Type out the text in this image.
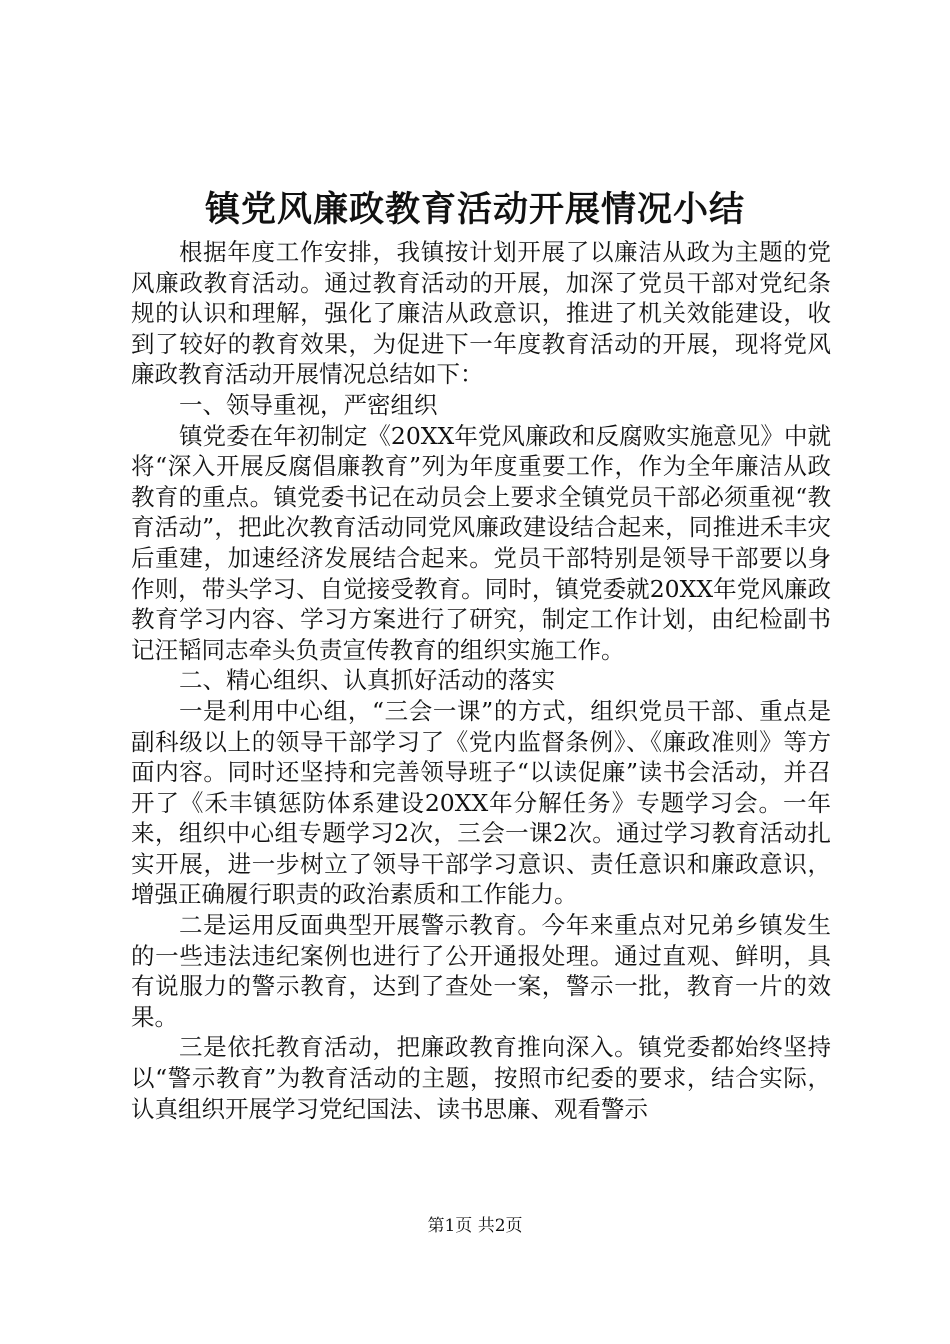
镇党风廉政教育活动开展情况小结

根据年度工作安排，我镇按计划开展了以廉洁从政为主题的党风廉政教育活动。通过教育活动的开展，加深了党员干部对党纪条规的认识和理解，强化了廉洁从政意识，推进了机关效能建设，收到了较好的教育效果，为促进下一年度教育活动的开展，现将党风廉政教育活动开展情况总结如下：

一、领导重视，严密组织

镇党委在年初制定《20XX年党风廉政和反腐败实施意见》中就将“深入开展反腐倡廉教育”列为年度重要工作，作为全年廉洁从政教育的重点。镇党委书记在动员会上要求全镇党员干部必须重视“教育活动”，把此次教育活动同党风廉政建设结合起来，同推进禾丰灾后重建，加速经济发展结合起来。党员干部特别是领导干部要以身作则，带头学习、自觉接受教育。同时，镇党委就20XX年党风廉政教育学习内容、学习方案进行了研究，制定工作计划，由纪检副书记汪韬同志牵头负责宣传教育的组织实施工作。

二、精心组织、认真抓好活动的落实

一是利用中心组，“三会一课”的方式，组织党员干部、重点是副科级以上的领导干部学习了《党内监督条例》、《廉政准则》等方面内容。同时还坚持和完善领导班子“以读促廉”读书会活动，并召开了《禾丰镇惩防体系建设20XX年分解任务》专题学习会。一年来，组织中心组专题学习2次，三会一课2次。通过学习教育活动扎实开展，进一步树立了领导干部学习意识、责任意识和廉政意识，增强正确履行职责的政治素质和工作能力。

二是运用反面典型开展警示教育。今年来重点对兄弟乡镇发生的一些违法违纪案例也进行了公开通报处理。通过直观、鲜明，具有说服力的警示教育，达到了查处一案，警示一批，教育一片的效果。

三是依托教育活动，把廉政教育推向深入。镇党委都始终坚持以“警示教育”为教育活动的主题，按照市纪委的要求，结合实际，认真组织开展学习党纪国法、读书思廉、观看警示

第1页 共2页
